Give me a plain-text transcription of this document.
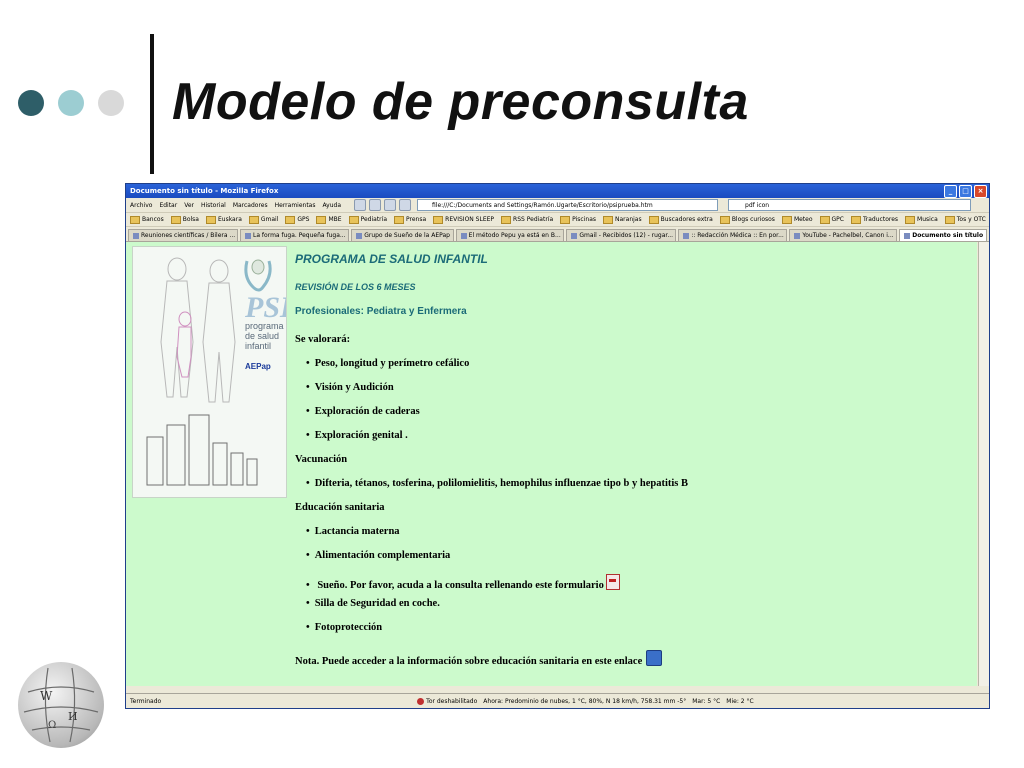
Modelo de preconsulta
Documento sin título - Mozilla Firefox	_	□	×
Archivo Editar Ver Historial Marcadores Herramientas Ayuda	file:///C:/Documents and Settings/Ramón.Ugarte/Escritorio/psiprueba.htm	pdf icon
Bancos	Bolsa	Euskara	Gmail	GPS	MBE	Pediatría	Prensa	REVISION SLEEP	RSS Pediatría	Piscinas	Naranjas	Buscadores extra	Blogs curiosos	Meteo	GPC	Traductores	Musica	Tos y OTC
Reuniones científicas / Bilera ...	La forma fuga. Pequeña fuga...	Grupo de Sueño de la AEPap	El método Pepu ya está en B...	Gmail - Recibidos (12) - rugar...	:: Redacción Médica :: En por...	YouTube - Pachelbel, Canon i...	Documento sin título
PS
programa
de salud
infantil
AEPap
PROGRAMA DE SALUD INFANTIL
REVISIÓN DE LOS 6 MESES
Profesionales: Pediatra y Enfermera
Se valorará:
• Peso, longitud y perímetro cefálico
• Visión y Audición
• Exploración de caderas
• Exploración genital .
Vacunación
• Difteria, tétanos, tosferina, polilomielitis, hemophilus influenzae tipo b y hepatitis B
Educación sanitaria
• Lactancia materna
• Alimentación complementaria
• Sueño. Por favor, acuda a la consulta rellenando este formulario
• Silla de Seguridad en coche.
• Fotoprotección
Nota. Puede acceder a la información sobre educación sanitaria en este enlace
Terminado	Tor deshabilitado Ahora: Predominio de nubes, 1 °C, 80%, N 18 km/h, 758.31 mm -5° Mar: 5 °C Mie: 2 °C
W
И
Ω
